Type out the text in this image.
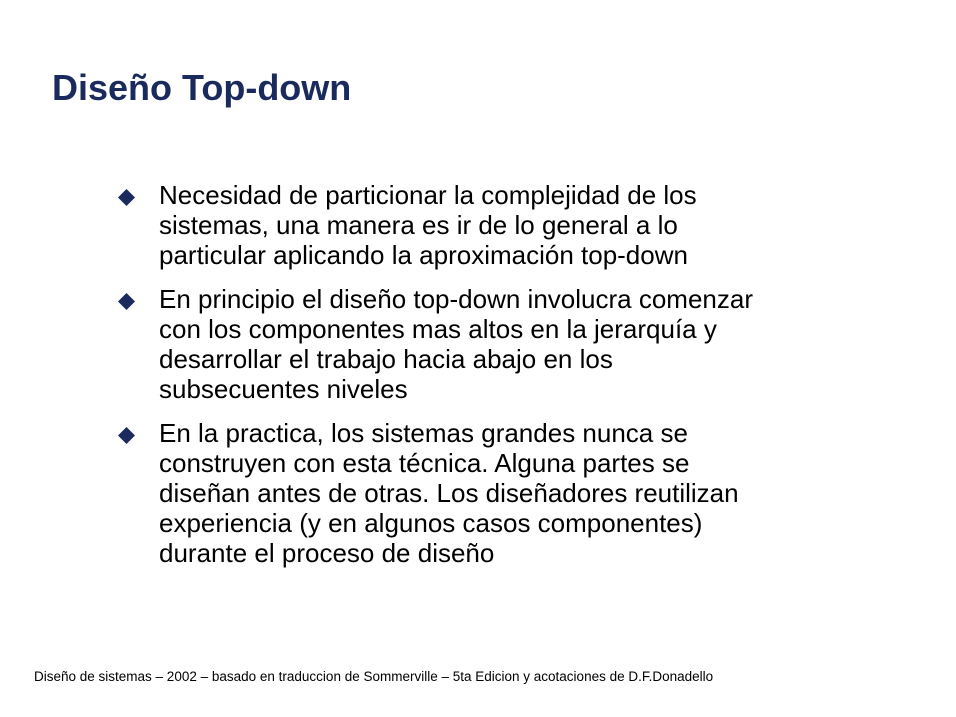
Diseño Top-down
Necesidad de particionar la complejidad de los
sistemas, una manera es ir de lo general a lo
particular aplicando la aproximación top-down
En principio el diseño top-down involucra comenzar
con los componentes mas altos en la jerarquía y
desarrollar el trabajo hacia abajo en los
subsecuentes niveles
En la practica, los sistemas grandes nunca se
construyen con esta técnica. Alguna partes se
diseñan antes de otras. Los diseñadores reutilizan
experiencia (y en algunos casos componentes)
durante el proceso de diseño
Diseño de sistemas – 2002 – basado en traduccion de Sommerville – 5ta Edicion y acotaciones de D.F.Donadello
